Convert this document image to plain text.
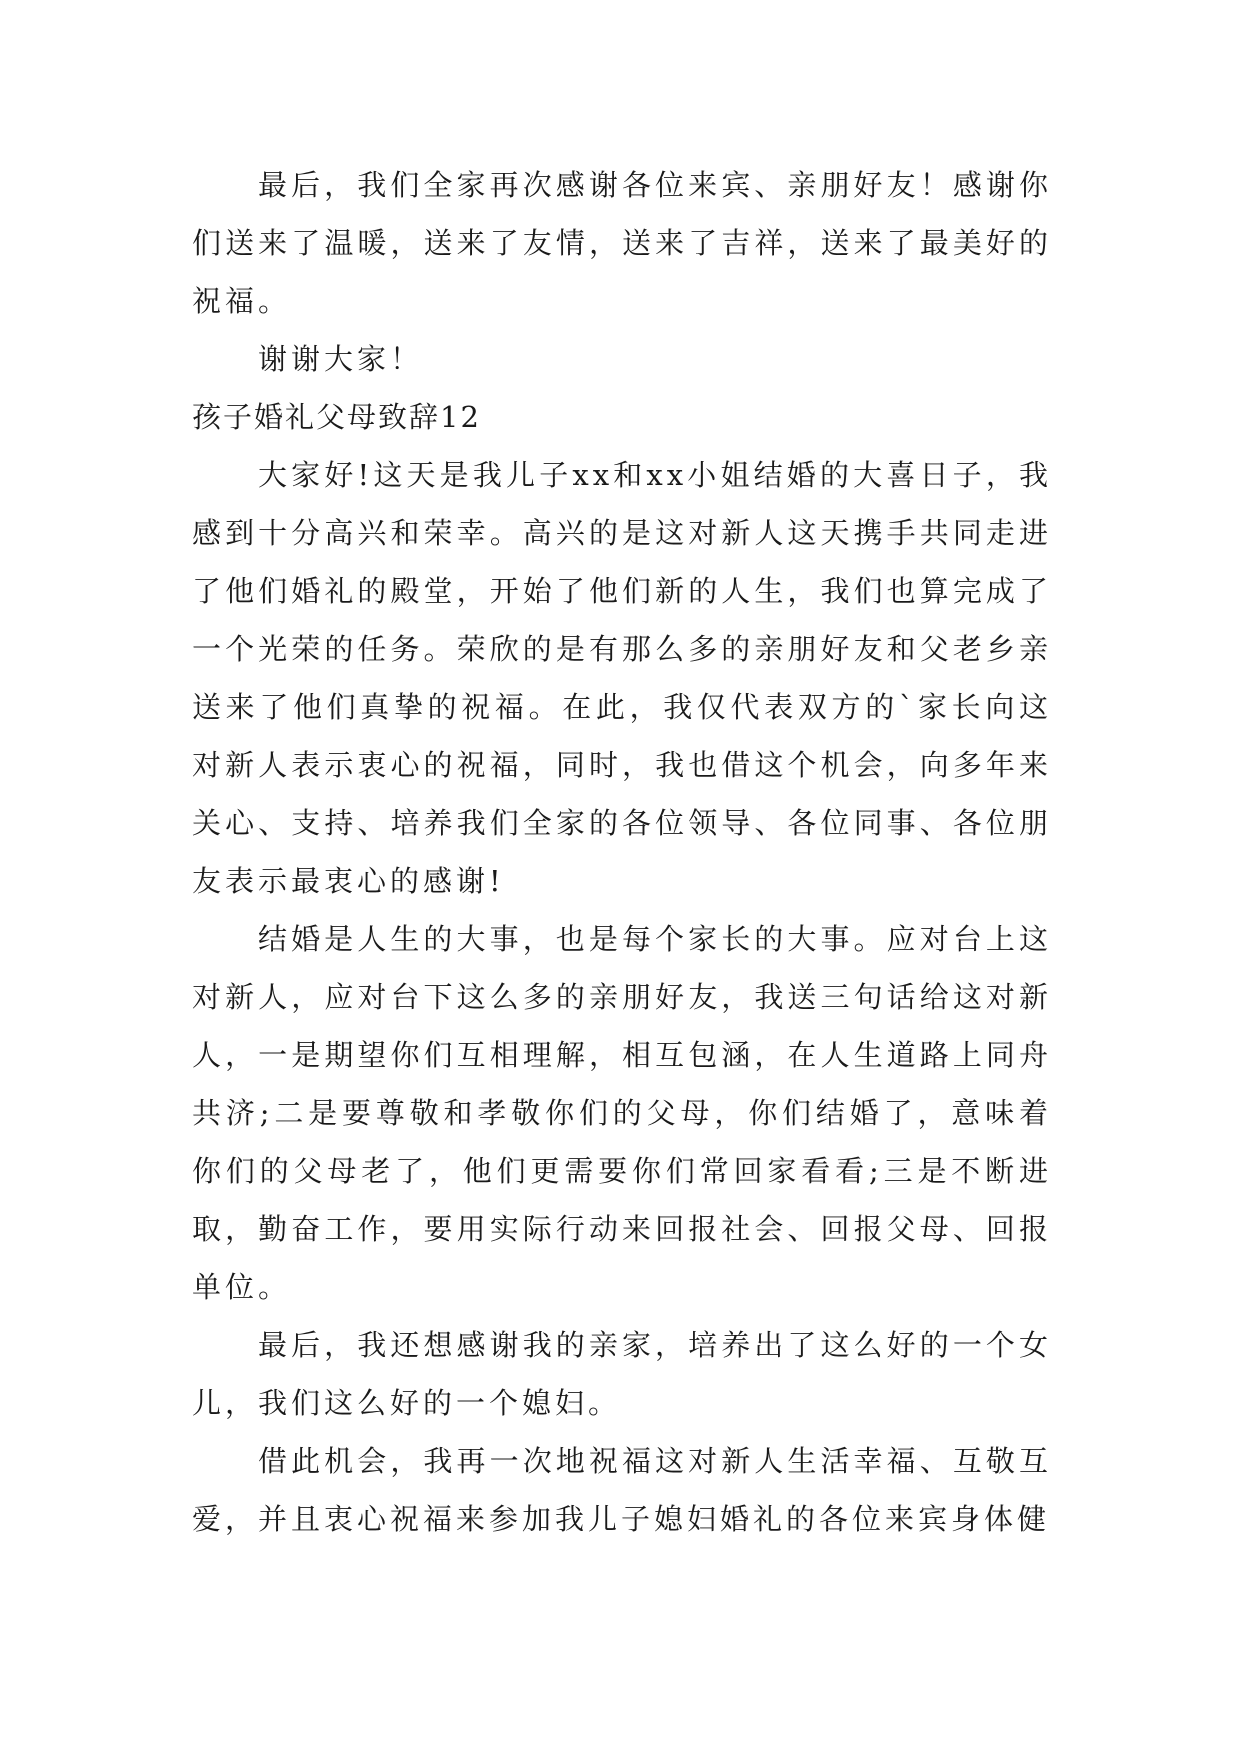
最后，我们全家再次感谢各位来宾、亲朋好友！感谢你们送来了温暖，送来了友情，送来了吉祥，送来了最美好的祝福。

谢谢大家！

孩子婚礼父母致辞12

大家好!这天是我儿子xx和xx小姐结婚的大喜日子，我感到十分高兴和荣幸。高兴的是这对新人这天携手共同走进了他们婚礼的殿堂，开始了他们新的人生，我们也算完成了一个光荣的任务。荣欣的是有那么多的亲朋好友和父老乡亲送来了他们真挚的祝福。在此，我仅代表双方的`家长向这对新人表示衷心的祝福，同时，我也借这个机会，向多年来关心、支持、培养我们全家的各位领导、各位同事、各位朋友表示最衷心的感谢!

结婚是人生的大事，也是每个家长的大事。应对台上这对新人，应对台下这么多的亲朋好友，我送三句话给这对新人，一是期望你们互相理解，相互包涵，在人生道路上同舟共济;二是要尊敬和孝敬你们的父母，你们结婚了，意味着你们的父母老了，他们更需要你们常回家看看;三是不断进取，勤奋工作，要用实际行动来回报社会、回报父母、回报单位。

最后，我还想感谢我的亲家，培养出了这么好的一个女儿，我们这么好的一个媳妇。

借此机会，我再一次地祝福这对新人生活幸福、互敬互爱，并且衷心祝福来参加我儿子媳妇婚礼的各位来宾身体健
